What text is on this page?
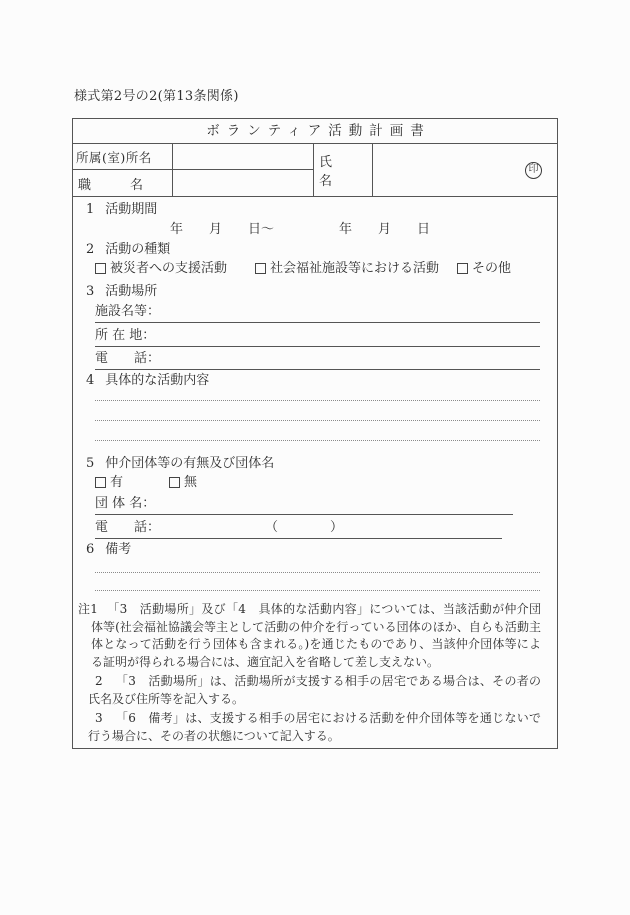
様式第2号の2(第13条関係)
ボランティア活動計画書
所属(室)所名	氏　　名
印
職　　　名
1 活動期間
年　　月　　日～　　　　　年　　月　　日
2 活動の種類
被災者への支援活動	社会福祉施設等における活動	その他
3 活動場所
施設名等：
所 在 地：
電　　話：
4 具体的な活動内容
5 仲介団体等の有無及び団体名
有	無
団 体 名：
電　　話：	（　　　　）
6 備考

注1 「3　活動場所」及び「4　具体的な活動内容」については、当該活動が仲介団体等(社会福祉協議会等主として活動の仲介を行っている団体のほか、自らも活動主体となって活動を行う団体も含まれる。)を通じたものであり、当該仲介団体等による証明が得られる場合には、適宜記入を省略して差し支えない。

2 「3　活動場所」は、活動場所が支援する相手の居宅である場合は、その者の氏名及び住所等を記入する。

3 「6　備考」は、支援する相手の居宅における活動を仲介団体等を通じないで行う場合に、その者の状態について記入する。
